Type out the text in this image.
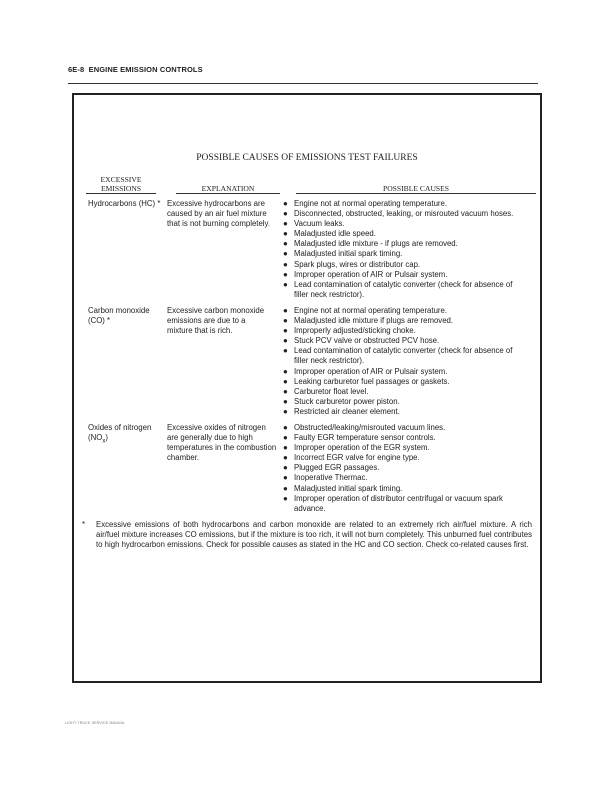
6E-8 ENGINE EMISSION CONTROLS
POSSIBLE CAUSES OF EMISSIONS TEST FAILURES
EXCESSIVE
EMISSIONS	EXPLANATION	POSSIBLE CAUSES
Hydrocarbons (HC) * Excessive hydrocarbons are caused by an air fuel mixture that is not burning completely.
● Engine not at normal operating temperature.
● Disconnected, obstructed, leaking, or misrouted vacuum hoses.
● Vacuum leaks.
● Maladjusted idle speed.
● Maladjusted idle mixture - if plugs are removed.
● Maladjusted initial spark timing.
● Spark plugs, wires or distributor cap.
● Improper operation of AIR or Pulsair system.
● Lead contamination of catalytic converter (check for absence of filler neck restrictor).
Carbon monoxide (CO) *
Excessive carbon monoxide emissions are due to a mixture that is rich.
● Engine not at normal operating temperature.
● Maladjusted idle mixture if plugs are removed.
● Improperly adjusted/sticking choke.
● Stuck PCV valve or obstructed PCV hose.
● Lead contamination of catalytic converter (check for absence of filler neck restrictor).
● Improper operation of AIR or Pulsair system.
● Leaking carburetor fuel passages or gaskets.
● Carburetor float level.
● Stuck carburetor power piston.
● Restricted air cleaner element.
Oxides of nitrogen
$(NO_x)$
Excessive oxides of nitrogen are generally due to high temperatures in the combustion chamber.
● Obstructed/leaking/misrouted vacuum lines.
● Faulty EGR temperature sensor controls.
● Improper operation of the EGR system.
● Incorrect EGR valve for engine type.
● Plugged EGR passages.
● Inoperative Thermac.
● Maladjusted initial spark timing.
● Improper operation of distributor centrifugal or vacuum spark advance.
* Excessive emissions of both hydrocarbons and carbon monoxide are related to an extremely rich air/fuel mixture. A rich air/fuel mixture increases CO emissions, but if the mixture is too rich, it will not burn completely. This unburned fuel contributes to high hydrocarbon emissions. Check for possible causes as stated in the HC and CO section. Check co-related causes first.
LIGHT TRUCK SERVICE MANUAL
